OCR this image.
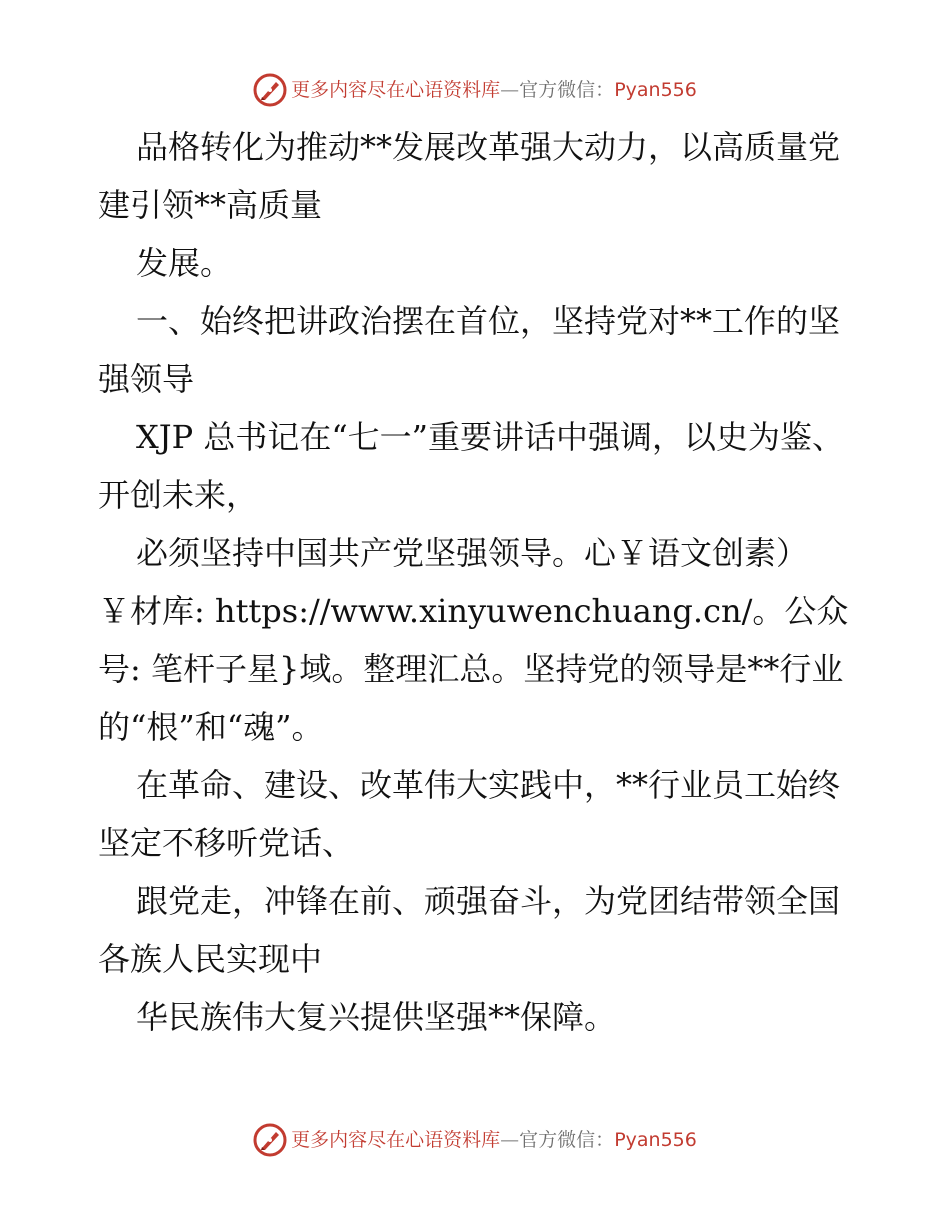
更多内容尽在心语资料库 — 官方微信： Pyan556

品格转化为推动**发展改革强大动力，以高质量党建引领**高质量

发展。

一、始终把讲政治摆在首位，坚持党对**工作的坚强领导

XJP 总书记在“七一”重要讲话中强调，以史为鉴、开创未来，

必须坚持中国共产党坚强领导。心￥语文创素）￥材库: https://www.xinyuwenchuang.cn/。公众号: 笔杆子星}域。整理汇总。坚持党的领导是**行业的“根”和“魂”。

在革命、建设、改革伟大实践中，**行业员工始终坚定不移听党话、

跟党走，冲锋在前、顽强奋斗，为党团结带领全国各族人民实现中

华民族伟大复兴提供坚强**保障。

更多内容尽在心语资料库 — 官方微信： Pyan556
